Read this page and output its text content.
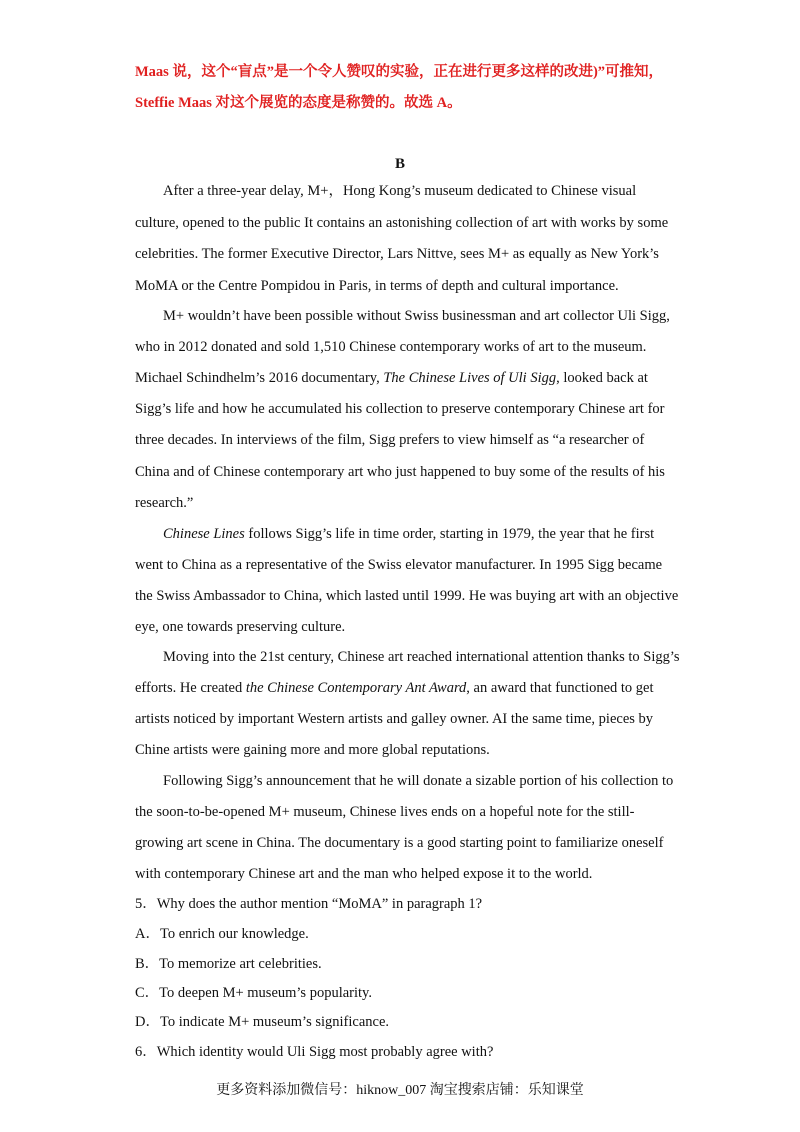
Maas 说，这个“盲点”是一个令人赞叹的实验，正在进行更多这样的改进)”可推知，
Steffie Maas 对这个展览的态度是称赞的。故选 A。
B
After a three-year delay, M+，Hong Kong’s museum dedicated to Chinese visual
culture, opened to the public It contains an astonishing collection of art with works by some
celebrities. The former Executive Director, Lars Nittve, sees M+ as equally as New York’s
MoMA or the Centre Pompidou in Paris, in terms of depth and cultural importance.
M+ wouldn’t have been possible without Swiss businessman and art collector Uli Sigg,
who in 2012 donated and sold 1,510 Chinese contemporary works of art to the museum.
Michael Schindhelm’s 2016 documentary, The Chinese Lives of Uli Sigg, looked back at
Sigg’s life and how he accumulated his collection to preserve contemporary Chinese art for
three decades. In interviews of the film, Sigg prefers to view himself as “a researcher of
China and of Chinese contemporary art who just happened to buy some of the results of his
research.”
Chinese Lines follows Sigg’s life in time order, starting in 1979, the year that he first
went to China as a representative of the Swiss elevator manufacturer. In 1995 Sigg became
the Swiss Ambassador to China, which lasted until 1999. He was buying art with an objective
eye, one towards preserving culture.
Moving into the 21st century, Chinese art reached international attention thanks to Sigg’s
efforts. He created the Chinese Contemporary Ant Award, an award that functioned to get
artists noticed by important Western artists and galley owner. AI the same time, pieces by
Chine artists were gaining more and more global reputations.
Following Sigg’s announcement that he will donate a sizable portion of his collection to
the soon-to-be-opened M+ museum, Chinese lives ends on a hopeful note for the still-
growing art scene in China. The documentary is a good starting point to familiarize oneself
with contemporary Chinese art and the man who helped expose it to the world.
5．Why does the author mention “MoMA” in paragraph 1?
A．To enrich our knowledge.
B．To memorize art celebrities.
C．To deepen M+ museum’s popularity.
D．To indicate M+ museum’s significance.
6．Which identity would Uli Sigg most probably agree with?
更多资料添加微信号：hiknow_007 淘宝搜索店铺：乐知课堂
